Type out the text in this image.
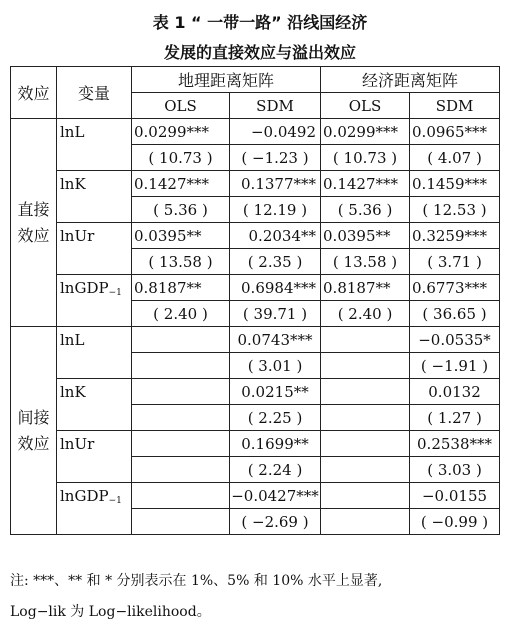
表 1 “ 一带一路” 沿线国经济
发展的直接效应与溢出效应
效应	变量	地理距离矩阵		经济距离矩阵	
		OLS	SDM	OLS	SDM

直接
效应	lnL	0.0299***	−0.0492	0.0299***	0.0965***
		( 10.73 )	( −1.23 )	( 10.73 )	( 4.07 )
	lnK	0.1427***	0.1377***	0.1427***	0.1459***
		( 5.36 )	( 12.19 )	( 5.36 )	( 12.53 )
	lnUr	0.0395**	0.2034**	0.0395**	0.3259***
		( 13.58 )	( 2.35 )	( 13.58 )	( 3.71 )
	lnGDP$_{-1}$	0.8187**	0.6984***	0.8187**	0.6773***
		( 2.40 )	( 39.71 )	( 2.40 )	( 36.65 )

间接
效应	lnL		0.0743***		−0.0535*
			( 3.01 )		( −1.91 )
	lnK		0.0215**		0.0132
			( 2.25 )		( 1.27 )
	lnUr		0.1699**		0.2538***
			( 2.24 )		( 3.03 )
	lnGDP$_{-1}$		−0.0427***		−0.0155
			( −2.69 )		( −0.99 )
注: ***、** 和 * 分别表示在 1%、5% 和 10% 水平上显著,
Log−lik 为 Log−likelihood。
